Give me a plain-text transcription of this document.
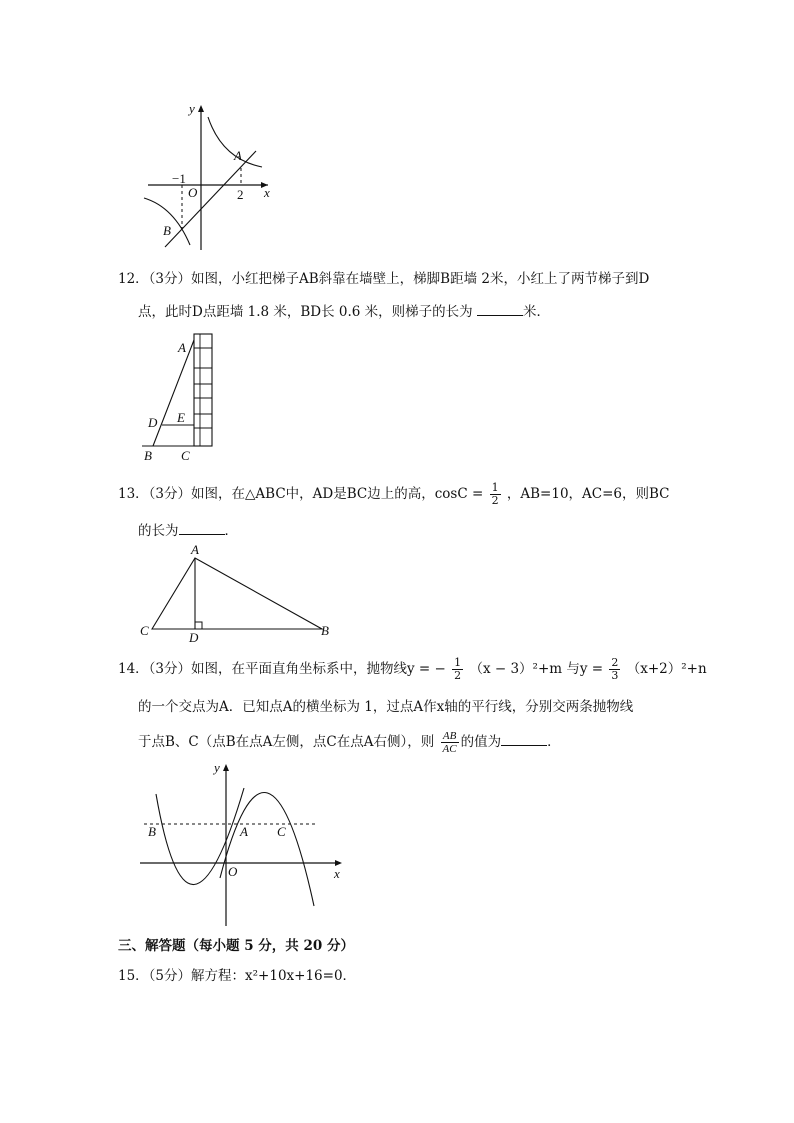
y
x
−1
O	2
A
B
12．（3分）如图，小红把梯子AB斜靠在墙壁上，梯脚B距墙 2米，小红上了两节梯子到D
点，此时D点距墙 1.8 米，BD长 0.6 米，则梯子的长为	米．
A
D E
B C
13．（3分）如图，在△ABC中，AD是BC边上的高，$\cos C = \frac{1}{2}$ ，AB=10，AC=6，则BC
的长为	．
A
C	D	B
14．（3分）如图，在平面直角坐标系中，抛物线y = − $\frac{1}{2} (x - 3)^2+m$ 与$y = \frac{2}{3} (x+2)^2+n$
的一个交点为A．已知点A的横坐标为 1，过点A作x轴的平行线，分别交两条抛物线
于点B、C（点B在点A左侧，点C在点A右侧），则 $\frac{AB}{AC}$ 的值为	．
y
x
O
B	A C
三、解答题（每小题 5 分，共 20 分）
15．（5分）解方程：x²+10x+16=0．
